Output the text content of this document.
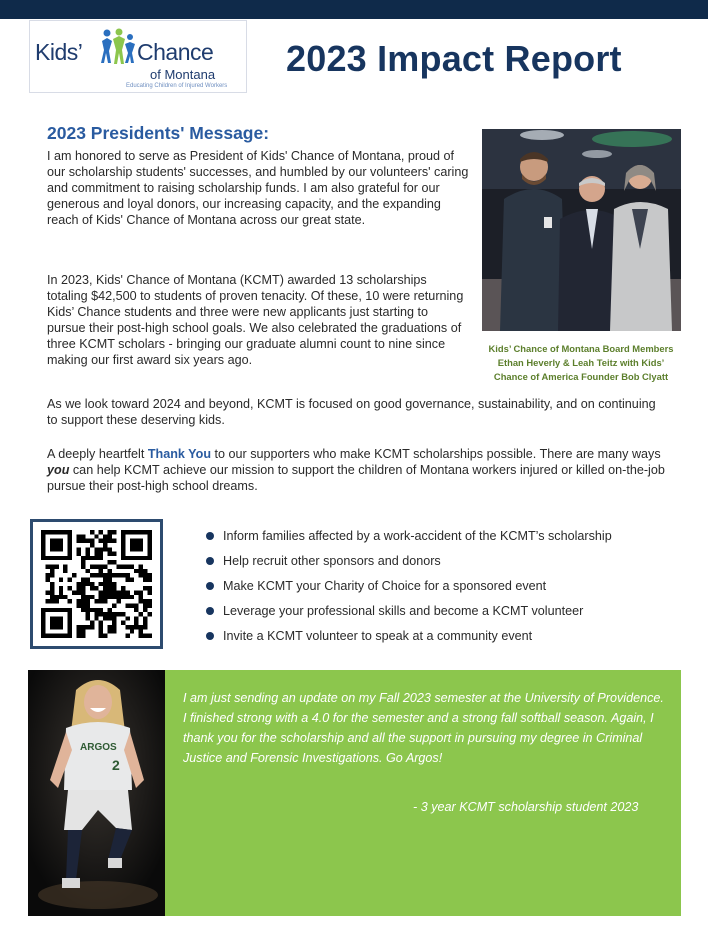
Kids’ Chance
of Montana
Educating Children of Injured Workers
2023 Impact Report
2023 Presidents' Message:

I am honored to serve as President of Kids' Chance of Montana, proud of our scholarship students' successes, and humbled by our volunteers' caring and commitment to raising scholarship funds. I am also grateful for our generous and loyal donors, our increasing capacity, and the expanding reach of Kids' Chance of Montana across our great state.

In 2023, Kids' Chance of Montana (KCMT) awarded 13 scholarships totaling $42,500 to students of proven tenacity. Of these, 10 were returning Kids’ Chance students and three were new applicants just starting to pursue their post-high school goals. We also celebrated the graduations of three KCMT scholars - bringing our graduate alumni count to nine since making our first award six years ago.

As we look toward 2024 and beyond, KCMT is focused on good governance, sustainability, and on continuing to support these deserving kids.

A deeply heartfelt Thank You to our supporters who make KCMT scholarships possible. There are many ways you can help KCMT achieve our mission to support the children of Montana workers injured or killed on-the-job pursue their post-high school dreams.

Kids’ Chance of Montana Board Members
Ethan Heverly & Leah Teitz with Kids’
Chance of America Founder Bob Clyatt
Inform families affected by a work-accident of the KCMT’s scholarship
Help recruit other sponsors and donors
Make KCMT your Charity of Choice for a sponsored event
Leverage your professional skills and become a KCMT volunteer
Invite a KCMT volunteer to speak at a community event
ARGOS
2

I am just sending an update on my Fall 2023 semester at the University of Providence. I finished strong with a 4.0 for the semester and a strong fall softball season. Again, I thank you for the scholarship and all the support in pursuing my degree in Criminal Justice and Forensic Investigations. Go Argos!

- 3 year KCMT scholarship student 2023
